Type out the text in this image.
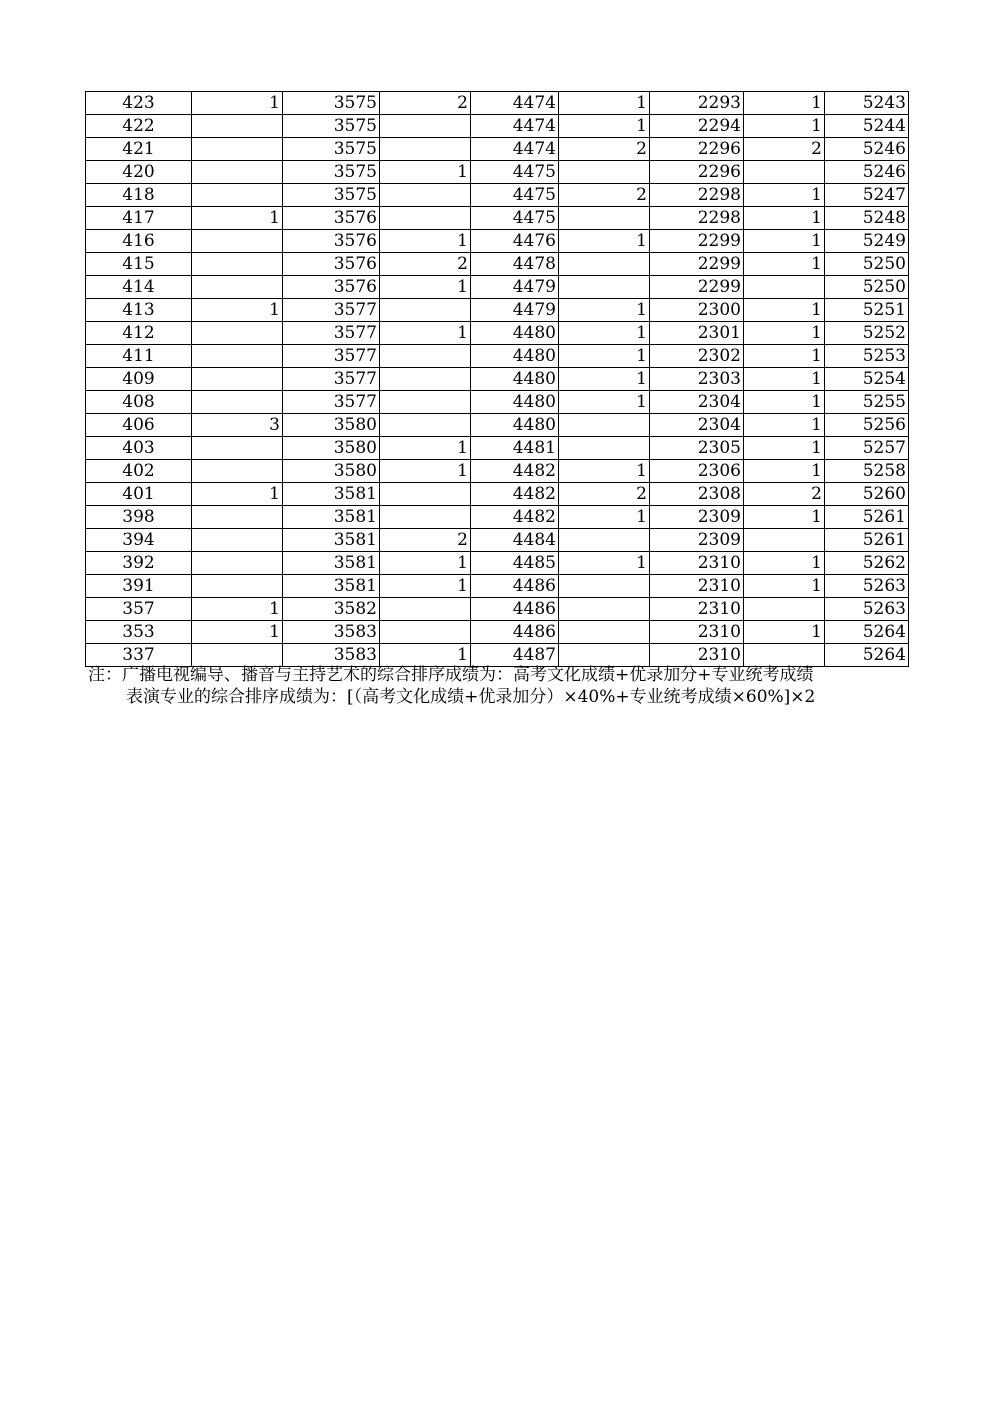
423	1	3575	2	4474	1	2293	1	5243
422		3575		4474	1	2294	1	5244
421		3575		4474	2	2296	2	5246
420		3575	1	4475		2296		5246
418		3575		4475	2	2298	1	5247
417	1	3576		4475		2298	1	5248
416		3576	1	4476	1	2299	1	5249
415		3576	2	4478		2299	1	5250
414		3576	1	4479		2299		5250
413	1	3577		4479	1	2300	1	5251
412		3577	1	4480	1	2301	1	5252
411		3577		4480	1	2302	1	5253
409		3577		4480	1	2303	1	5254
408		3577		4480	1	2304	1	5255
406	3	3580		4480		2304	1	5256
403		3580	1	4481		2305	1	5257
402		3580	1	4482	1	2306	1	5258
401	1	3581		4482	2	2308	2	5260
398		3581		4482	1	2309	1	5261
394		3581	2	4484		2309		5261
392		3581	1	4485	1	2310	1	5262
391		3581	1	4486		2310	1	5263
357	1	3582		4486		2310		5263
353	1	3583		4486		2310	1	5264
337		3583	1	4487		2310		5264
注：广播电视编导、播音与主持艺术的综合排序成绩为：高考文化成绩+优录加分+专业统考成绩
表演专业的综合排序成绩为：[（高考文化成绩+优录加分）×40%+专业统考成绩×60%]×2
